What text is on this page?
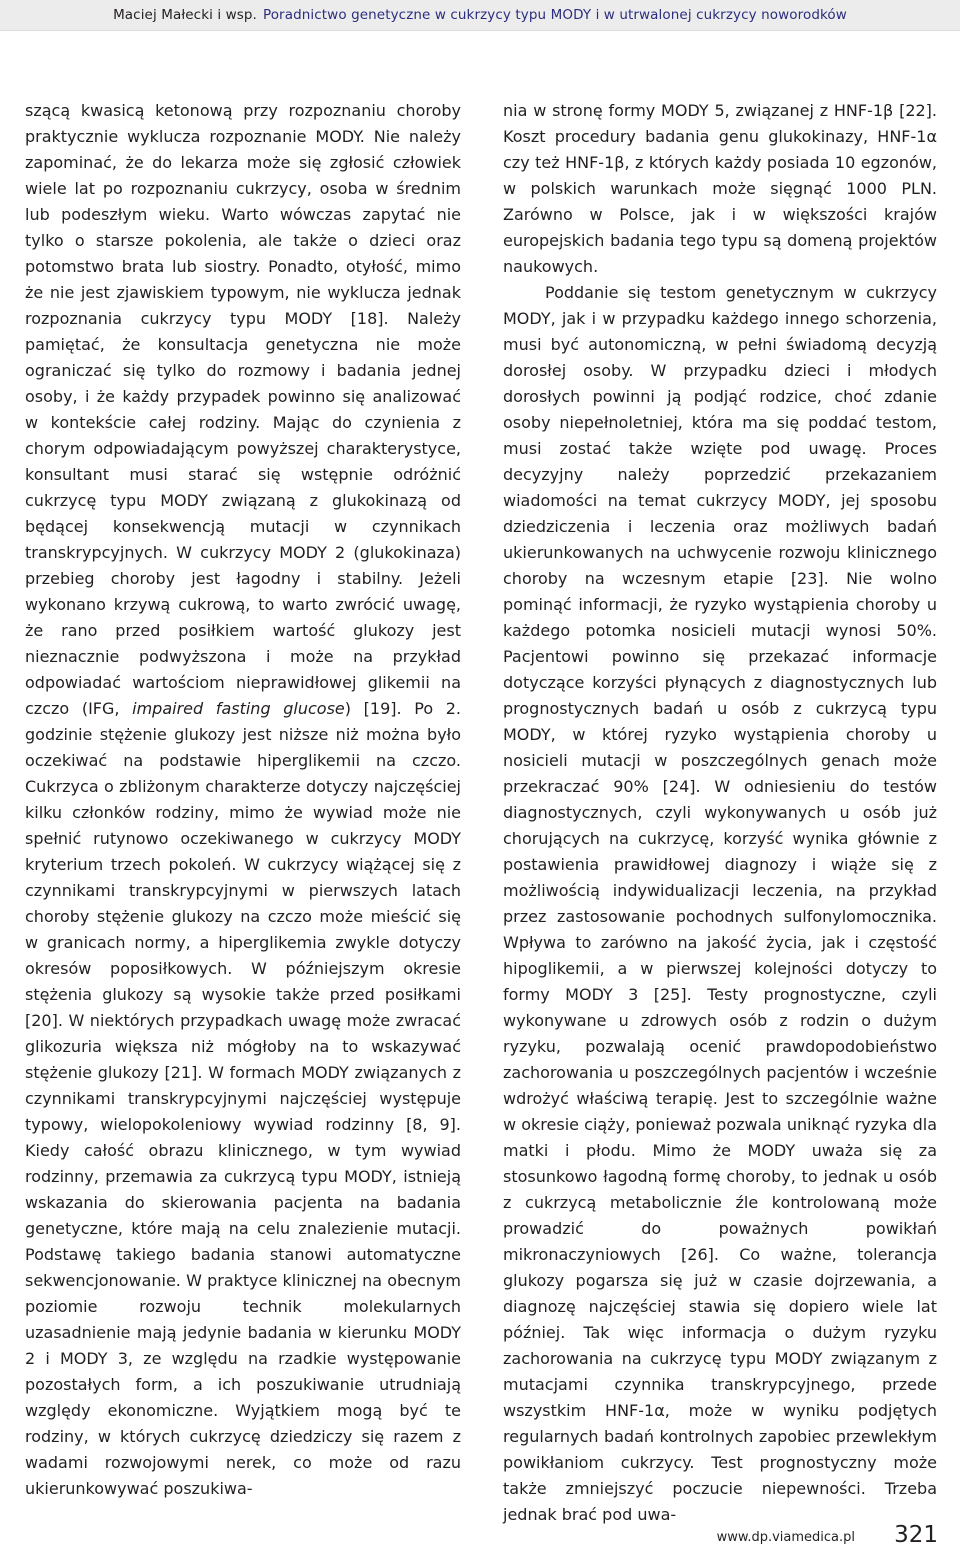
Maciej Małecki i wsp. Poradnictwo genetyczne w cukrzycy typu MODY i w utrwalonej cukrzycy noworodków

szącą kwasicą ketonową przy rozpoznaniu choroby praktycznie wyklucza rozpoznanie MODY. Nie należy zapominać, że do lekarza może się zgłosić człowiek wiele lat po rozpoznaniu cukrzycy, osoba w średnim lub podeszłym wieku. Warto wówczas zapytać nie tylko o starsze pokolenia, ale także o dzieci oraz potomstwo brata lub siostry. Ponadto, otyłość, mimo że nie jest zjawiskiem typowym, nie wyklucza jednak rozpoznania cukrzycy typu MODY [18]. Należy pamiętać, że konsultacja genetyczna nie może ograniczać się tylko do rozmowy i badania jednej osoby, i że każdy przypadek powinno się analizować w kontekście całej rodziny. Mając do czynienia z chorym odpowiadającym powyższej charakterystyce, konsultant musi starać się wstępnie odróżnić cukrzycę typu MODY związaną z glukokinazą od będącej konsekwencją mutacji w czynnikach transkrypcyjnych. W cukrzycy MODY 2 (glukokinaza) przebieg choroby jest łagodny i stabilny. Jeżeli wykonano krzywą cukrową, to warto zwrócić uwagę, że rano przed posiłkiem wartość glukozy jest nieznacznie podwyższona i może na przykład odpowiadać wartościom nieprawidłowej glikemii na czczo (IFG, impaired fasting glucose) [19]. Po 2. godzinie stężenie glukozy jest niższe niż można było oczekiwać na podstawie hiperglikemii na czczo. Cukrzyca o zbliżonym charakterze dotyczy najczęściej kilku członków rodziny, mimo że wywiad może nie spełnić rutynowo oczekiwanego w cukrzycy MODY kryterium trzech pokoleń. W cukrzycy wiążącej się z czynnikami transkrypcyjnymi w pierwszych latach choroby stężenie glukozy na czczo może mieścić się w granicach normy, a hiperglikemia zwykle dotyczy okresów poposiłkowych. W późniejszym okresie stężenia glukozy są wysokie także przed posiłkami [20]. W niektórych przypadkach uwagę może zwracać glikozuria większa niż mógłoby na to wskazywać stężenie glukozy [21]. W formach MODY związanych z czynnikami transkrypcyjnymi najczęściej występuje typowy, wielopokoleniowy wywiad rodzinny [8, 9]. Kiedy całość obrazu klinicznego, w tym wywiad rodzinny, przemawia za cukrzycą typu MODY, istnieją wskazania do skierowania pacjenta na badania genetyczne, które mają na celu znalezienie mutacji. Podstawę takiego badania stanowi automatyczne sekwencjonowanie. W praktyce klinicznej na obecnym poziomie rozwoju technik molekularnych uzasadnienie mają jedynie badania w kierunku MODY 2 i MODY 3, ze względu na rzadkie występowanie pozostałych form, a ich poszukiwanie utrudniają względy ekonomiczne. Wyjątkiem mogą być te rodziny, w których cukrzycę dziedziczy się razem z wadami rozwojowymi nerek, co może od razu ukierunkowywać poszukiwa-

nia w stronę formy MODY 5, związanej z HNF-1β [22]. Koszt procedury badania genu glukokinazy, HNF-1α czy też HNF-1β, z których każdy posiada 10 egzonów, w polskich warunkach może sięgnąć 1000 PLN. Zarówno w Polsce, jak i w większości krajów europejskich badania tego typu są domeną projektów naukowych.

Poddanie się testom genetycznym w cukrzycy MODY, jak i w przypadku każdego innego schorzenia, musi być autonomiczną, w pełni świadomą decyzją dorosłej osoby. W przypadku dzieci i młodych dorosłych powinni ją podjąć rodzice, choć zdanie osoby niepełnoletniej, która ma się poddać testom, musi zostać także wzięte pod uwagę. Proces decyzyjny należy poprzedzić przekazaniem wiadomości na temat cukrzycy MODY, jej sposobu dziedziczenia i leczenia oraz możliwych badań ukierunkowanych na uchwycenie rozwoju klinicznego choroby na wczesnym etapie [23]. Nie wolno pominąć informacji, że ryzyko wystąpienia choroby u każdego potomka nosicieli mutacji wynosi 50%. Pacjentowi powinno się przekazać informacje dotyczące korzyści płynących z diagnostycznych lub prognostycznych badań u osób z cukrzycą typu MODY, w której ryzyko wystąpienia choroby u nosicieli mutacji w poszczególnych genach może przekraczać 90% [24]. W odniesieniu do testów diagnostycznych, czyli wykonywanych u osób już chorujących na cukrzycę, korzyść wynika głównie z postawienia prawidłowej diagnozy i wiąże się z możliwością indywidualizacji leczenia, na przykład przez zastosowanie pochodnych sulfonylomocznika. Wpływa to zarówno na jakość życia, jak i częstość hipoglikemii, a w pierwszej kolejności dotyczy to formy MODY 3 [25]. Testy prognostyczne, czyli wykonywane u zdrowych osób z rodzin o dużym ryzyku, pozwalają ocenić prawdopodobieństwo zachorowania u poszczególnych pacjentów i wcześnie wdrożyć właściwą terapię. Jest to szczególnie ważne w okresie ciąży, ponieważ pozwala uniknąć ryzyka dla matki i płodu. Mimo że MODY uważa się za stosunkowo łagodną formę choroby, to jednak u osób z cukrzycą metabolicznie źle kontrolowaną może prowadzić do poważnych powikłań mikronaczyniowych [26]. Co ważne, tolerancja glukozy pogarsza się już w czasie dojrzewania, a diagnozę najczęściej stawia się dopiero wiele lat później. Tak więc informacja o dużym ryzyku zachorowania na cukrzycę typu MODY związanym z mutacjami czynnika transkrypcyjnego, przede wszystkim HNF-1α, może w wyniku podjętych regularnych badań kontrolnych zapobiec przewlekłym powikłaniom cukrzycy. Test prognostyczny może także zmniejszyć poczucie niepewności. Trzeba jednak brać pod uwa-

www.dp.viamedica.pl 321
